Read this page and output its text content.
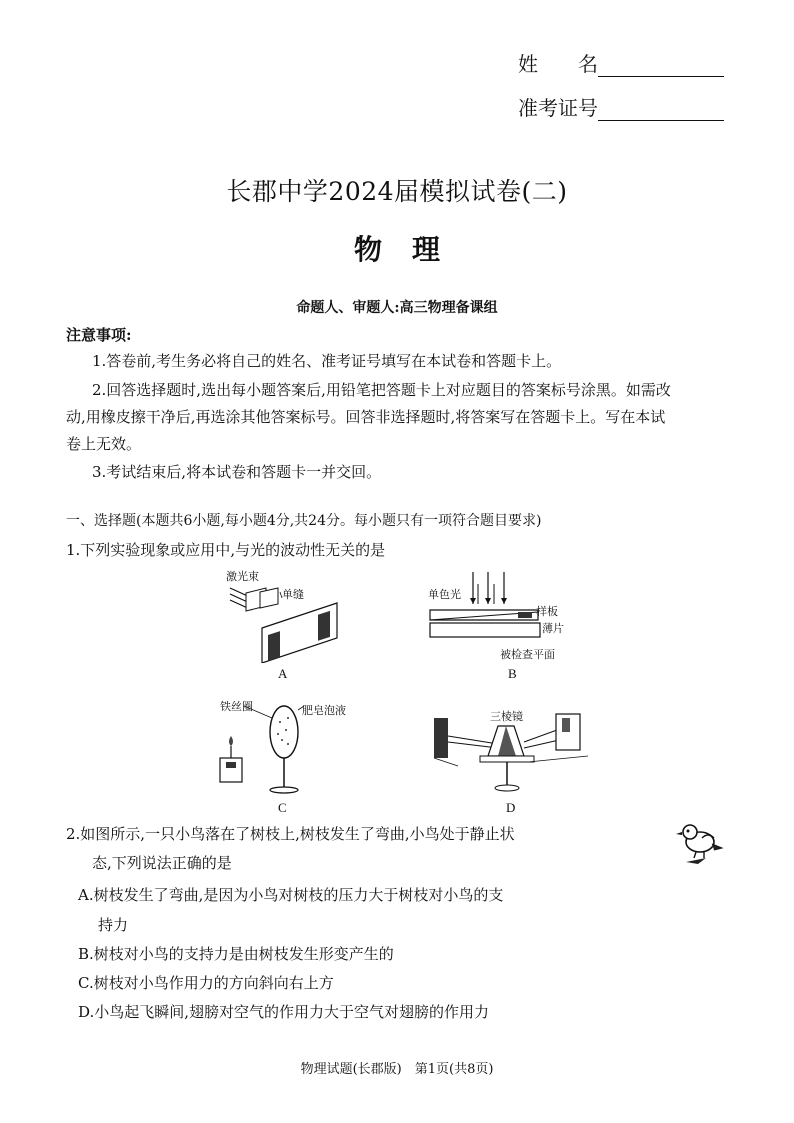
姓　　名
准考证号
长郡中学2024届模拟试卷(二)
物理
命题人、审题人:高三物理备课组
注意事项:
1.答卷前,考生务必将自己的姓名、准考证号填写在本试卷和答题卡上。
2.回答选择题时,选出每小题答案后,用铅笔把答题卡上对应题目的答案标号涂黑。如需改
动,用橡皮擦干净后,再选涂其他答案标号。回答非选择题时,将答案写在答题卡上。写在本试
卷上无效。
3.考试结束后,将本试卷和答题卡一并交回。
一、选择题(本题共6小题,每小题4分,共24分。每小题只有一项符合题目要求)
1.下列实验现象或应用中,与光的波动性无关的是
激光束
单缝
A
单色光
样板
薄片
被检查平面
B
铁丝圈	肥皂泡液
C
三棱镜
D
2.如图所示,一只小鸟落在了树枝上,树枝发生了弯曲,小鸟处于静止状
态,下列说法正确的是
A.树枝发生了弯曲,是因为小鸟对树枝的压力大于树枝对小鸟的支
持力
B.树枝对小鸟的支持力是由树枝发生形变产生的
C.树枝对小鸟作用力的方向斜向右上方
D.小鸟起飞瞬间,翅膀对空气的作用力大于空气对翅膀的作用力
物理试题(长郡版)　第1页(共8页)
